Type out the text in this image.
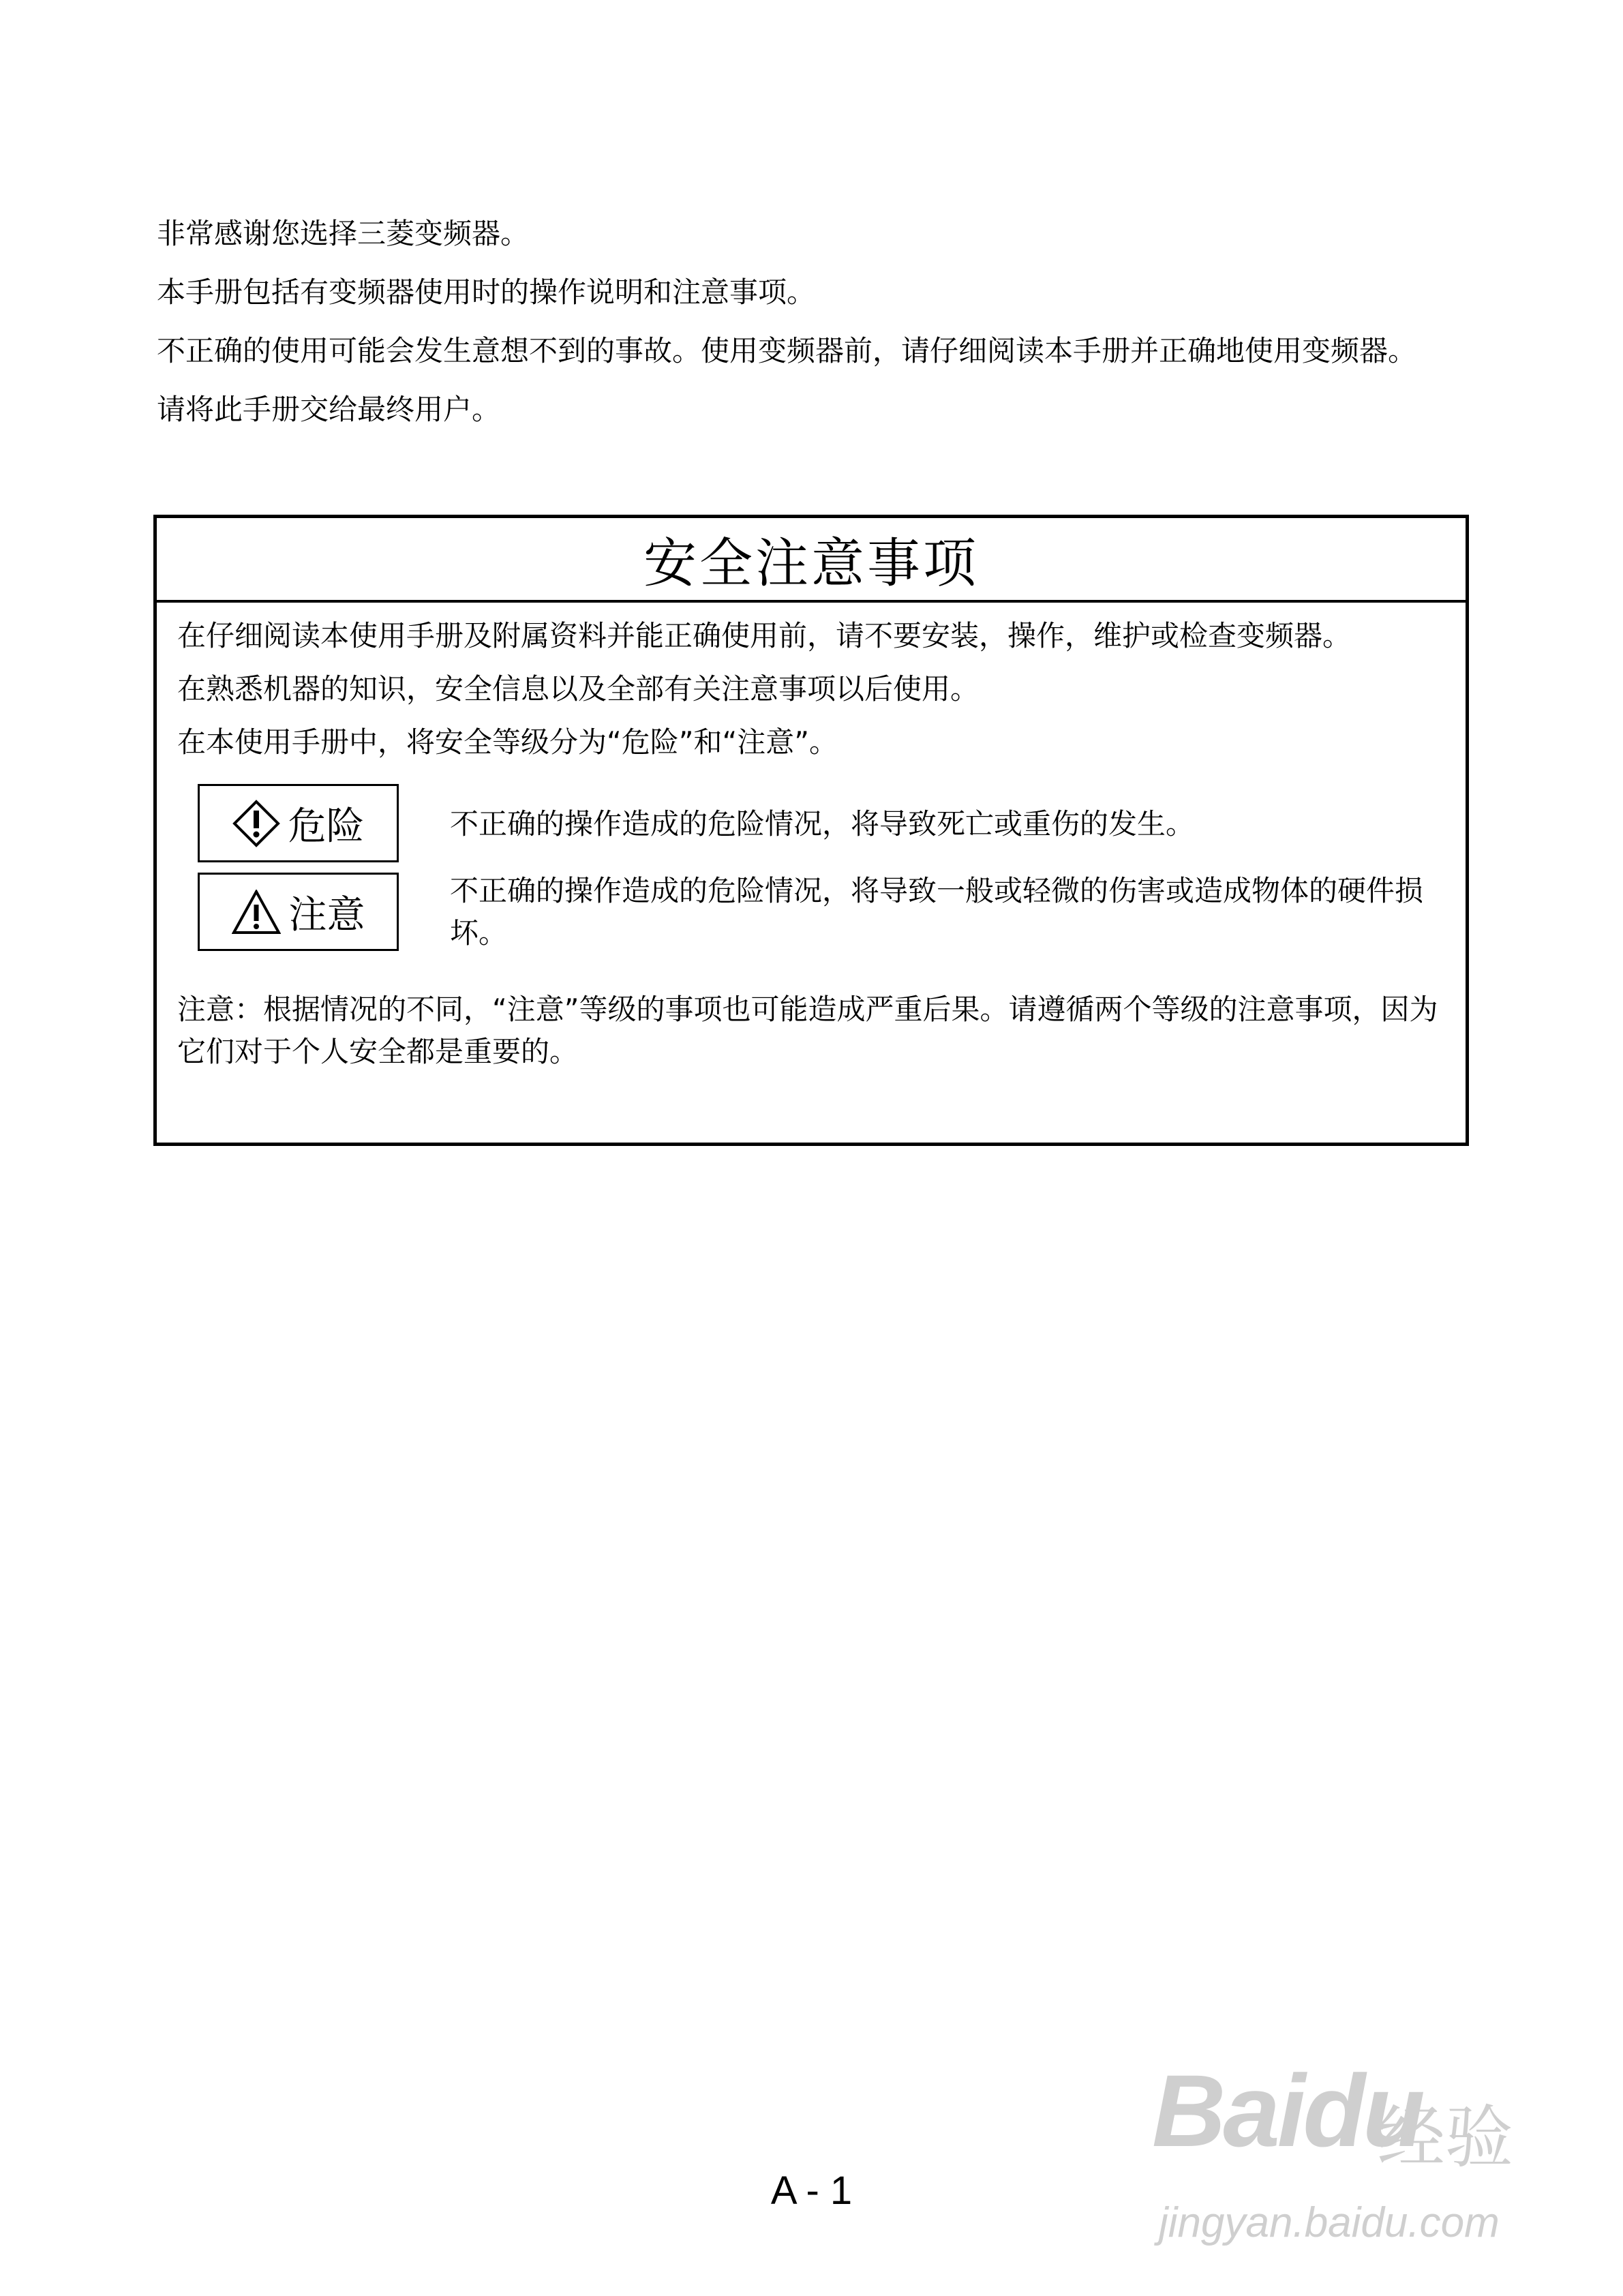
非常感谢您选择三菱变频器。

本手册包括有变频器使用时的操作说明和注意事项。

不正确的使用可能会发生意想不到的事故。使用变频器前，请仔细阅读本手册并正确地使用变频器。

请将此手册交给最终用户。

安全注意事项

在仔细阅读本使用手册及附属资料并能正确使用前，请不要安装，操作，维护或检查变频器。

在熟悉机器的知识，安全信息以及全部有关注意事项以后使用。

在本使用手册中，将安全等级分为“危险”和“注意”。

危险	不正确的操作造成的危险情况，将导致死亡或重伤的发生。
注意
不正确的操作造成的危险情况，将导致一般或轻微的伤害或造成物体的硬件损坏。

注意：根据情况的不同，“注意”等级的事项也可能造成严重后果。请遵循两个等级的注意事项，因为它们对于个人安全都是重要的。

Baidu
经验
jingyan.baidu.com
A - 1
